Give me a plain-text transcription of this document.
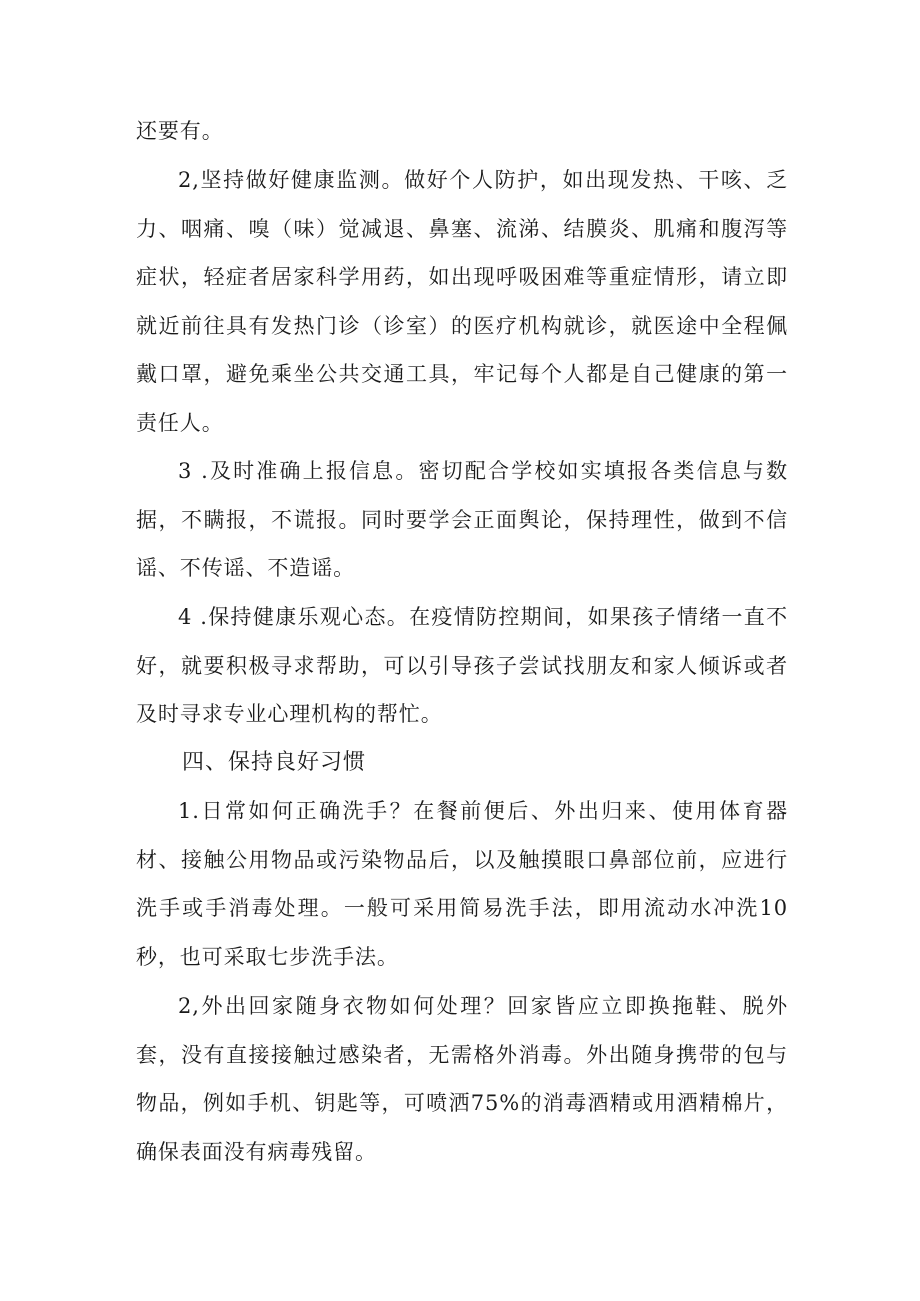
还要有。

2,坚持做好健康监测。做好个人防护，如出现发热、干咳、乏力、咽痛、嗅（味）觉减退、鼻塞、流涕、结膜炎、肌痛和腹泻等症状，轻症者居家科学用药，如出现呼吸困难等重症情形，请立即就近前往具有发热门诊（诊室）的医疗机构就诊，就医途中全程佩戴口罩，避免乘坐公共交通工具，牢记每个人都是自己健康的第一责任人。

3 .及时准确上报信息。密切配合学校如实填报各类信息与数据，不瞒报，不谎报。同时要学会正面舆论，保持理性，做到不信谣、不传谣、不造谣。

4 .保持健康乐观心态。在疫情防控期间，如果孩子情绪一直不好，就要积极寻求帮助，可以引导孩子尝试找朋友和家人倾诉或者及时寻求专业心理机构的帮忙。

四、保持良好习惯

1.日常如何正确洗手？在餐前便后、外出归来、使用体育器材、接触公用物品或污染物品后，以及触摸眼口鼻部位前，应进行洗手或手消毒处理。一般可采用简易洗手法，即用流动水冲洗10秒，也可采取七步洗手法。

2,外出回家随身衣物如何处理？回家皆应立即换拖鞋、脱外套，没有直接接触过感染者，无需格外消毒。外出随身携带的包与物品，例如手机、钥匙等，可喷洒75%的消毒酒精或用酒精棉片，确保表面没有病毒残留。
